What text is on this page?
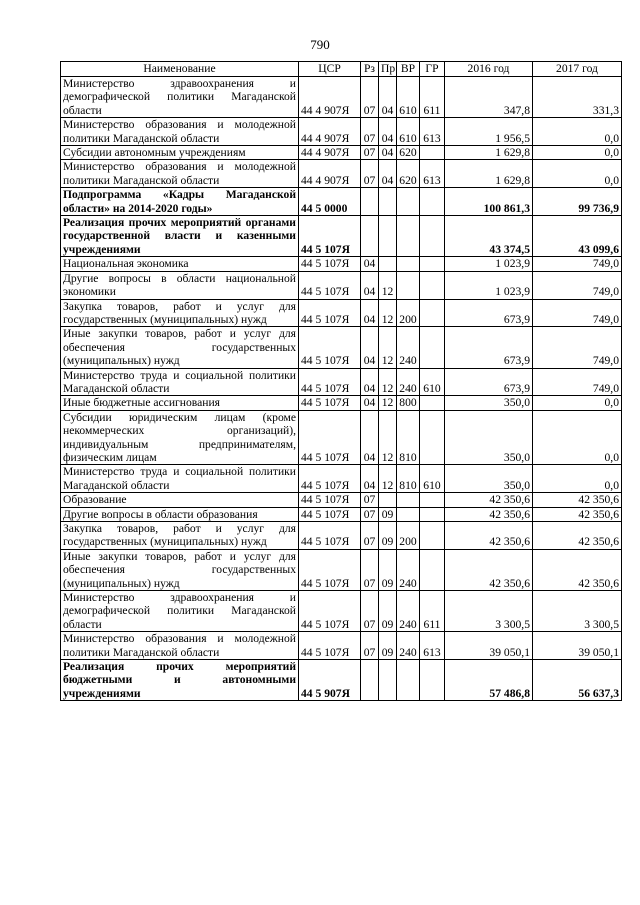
790
Наименование	ЦСР	Рз	Пр	ВР	ГР	2016 год	2017 год
Министерство здравоохранения и демографической политики Магаданской области	44 4 907Я	07	04	610	611	347,8	331,3
Министерство образования и молодежной политики Магаданской области	44 4 907Я	07	04	610	613	1 956,5	0,0
Субсидии автономным учреждениям	44 4 907Я	07	04	620		1 629,8	0,0
Министерство образования и молодежной политики Магаданской области	44 4 907Я	07	04	620	613	1 629,8	0,0
Подпрограмма «Кадры Магаданской области» на 2014-2020 годы»	44 5 0000					100 861,3	99 736,9
Реализация прочих мероприятий органами государственной власти и казенными учреждениями	44 5 107Я					43 374,5	43 099,6
Национальная экономика	44 5 107Я	04				1 023,9	749,0
Другие вопросы в области национальной экономики	44 5 107Я	04	12			1 023,9	749,0
Закупка товаров, работ и услуг для государственных (муниципальных) нужд	44 5 107Я	04	12	200		673,9	749,0
Иные закупки товаров, работ и услуг для обеспечения государственных (муниципальных) нужд	44 5 107Я	04	12	240		673,9	749,0
Министерство труда и социальной политики Магаданской области	44 5 107Я	04	12	240	610	673,9	749,0
Иные бюджетные ассигнования	44 5 107Я	04	12	800		350,0	0,0
Субсидии юридическим лицам (кроме некоммерческих организаций), индивидуальным предпринимателям, физическим лицам	44 5 107Я	04	12	810		350,0	0,0
Министерство труда и социальной политики Магаданской области	44 5 107Я	04	12	810	610	350,0	0,0
Образование	44 5 107Я	07				42 350,6	42 350,6
Другие вопросы в области образования	44 5 107Я	07	09			42 350,6	42 350,6
Закупка товаров, работ и услуг для государственных (муниципальных) нужд	44 5 107Я	07	09	200		42 350,6	42 350,6
Иные закупки товаров, работ и услуг для обеспечения государственных (муниципальных) нужд	44 5 107Я	07	09	240		42 350,6	42 350,6
Министерство здравоохранения и демографической политики Магаданской области	44 5 107Я	07	09	240	611	3 300,5	3 300,5
Министерство образования и молодежной политики Магаданской области	44 5 107Я	07	09	240	613	39 050,1	39 050,1
Реализация прочих мероприятий бюджетными и автономными учреждениями	44 5 907Я					57 486,8	56 637,3
